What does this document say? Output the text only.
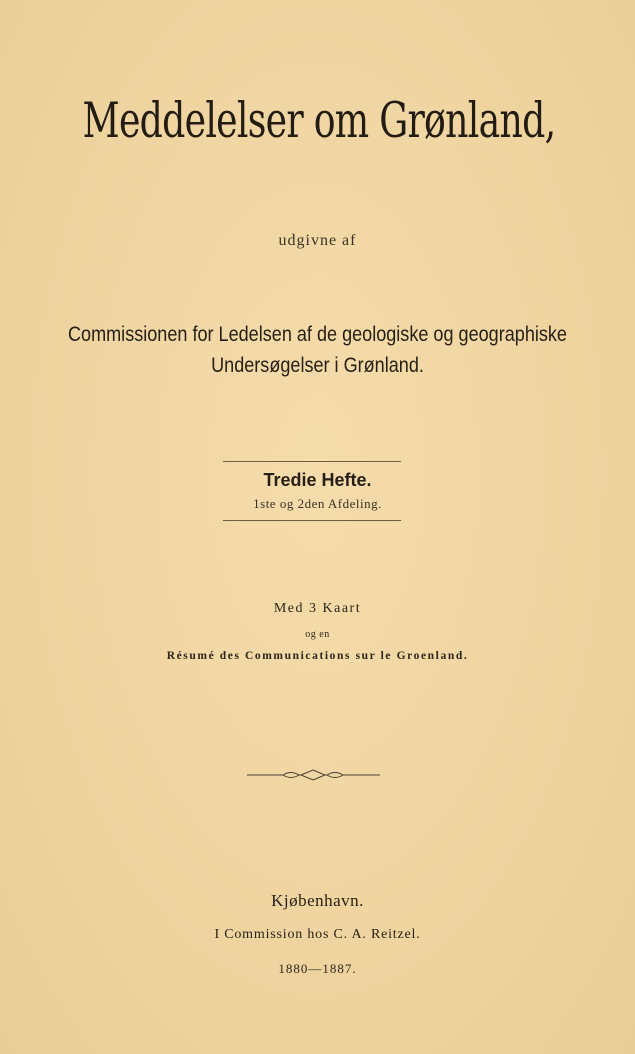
Meddelelser om Grønland,
udgivne af
Commissionen for Ledelsen af de geologiske og geographiske
Undersøgelser i Grønland.
Tredie Hefte.
1ste og 2den Afdeling.
Med 3 Kaart
og en
Résumé des Communications sur le Groenland.
Kjøbenhavn.
I Commission hos C. A. Reitzel.
1880—1887.
